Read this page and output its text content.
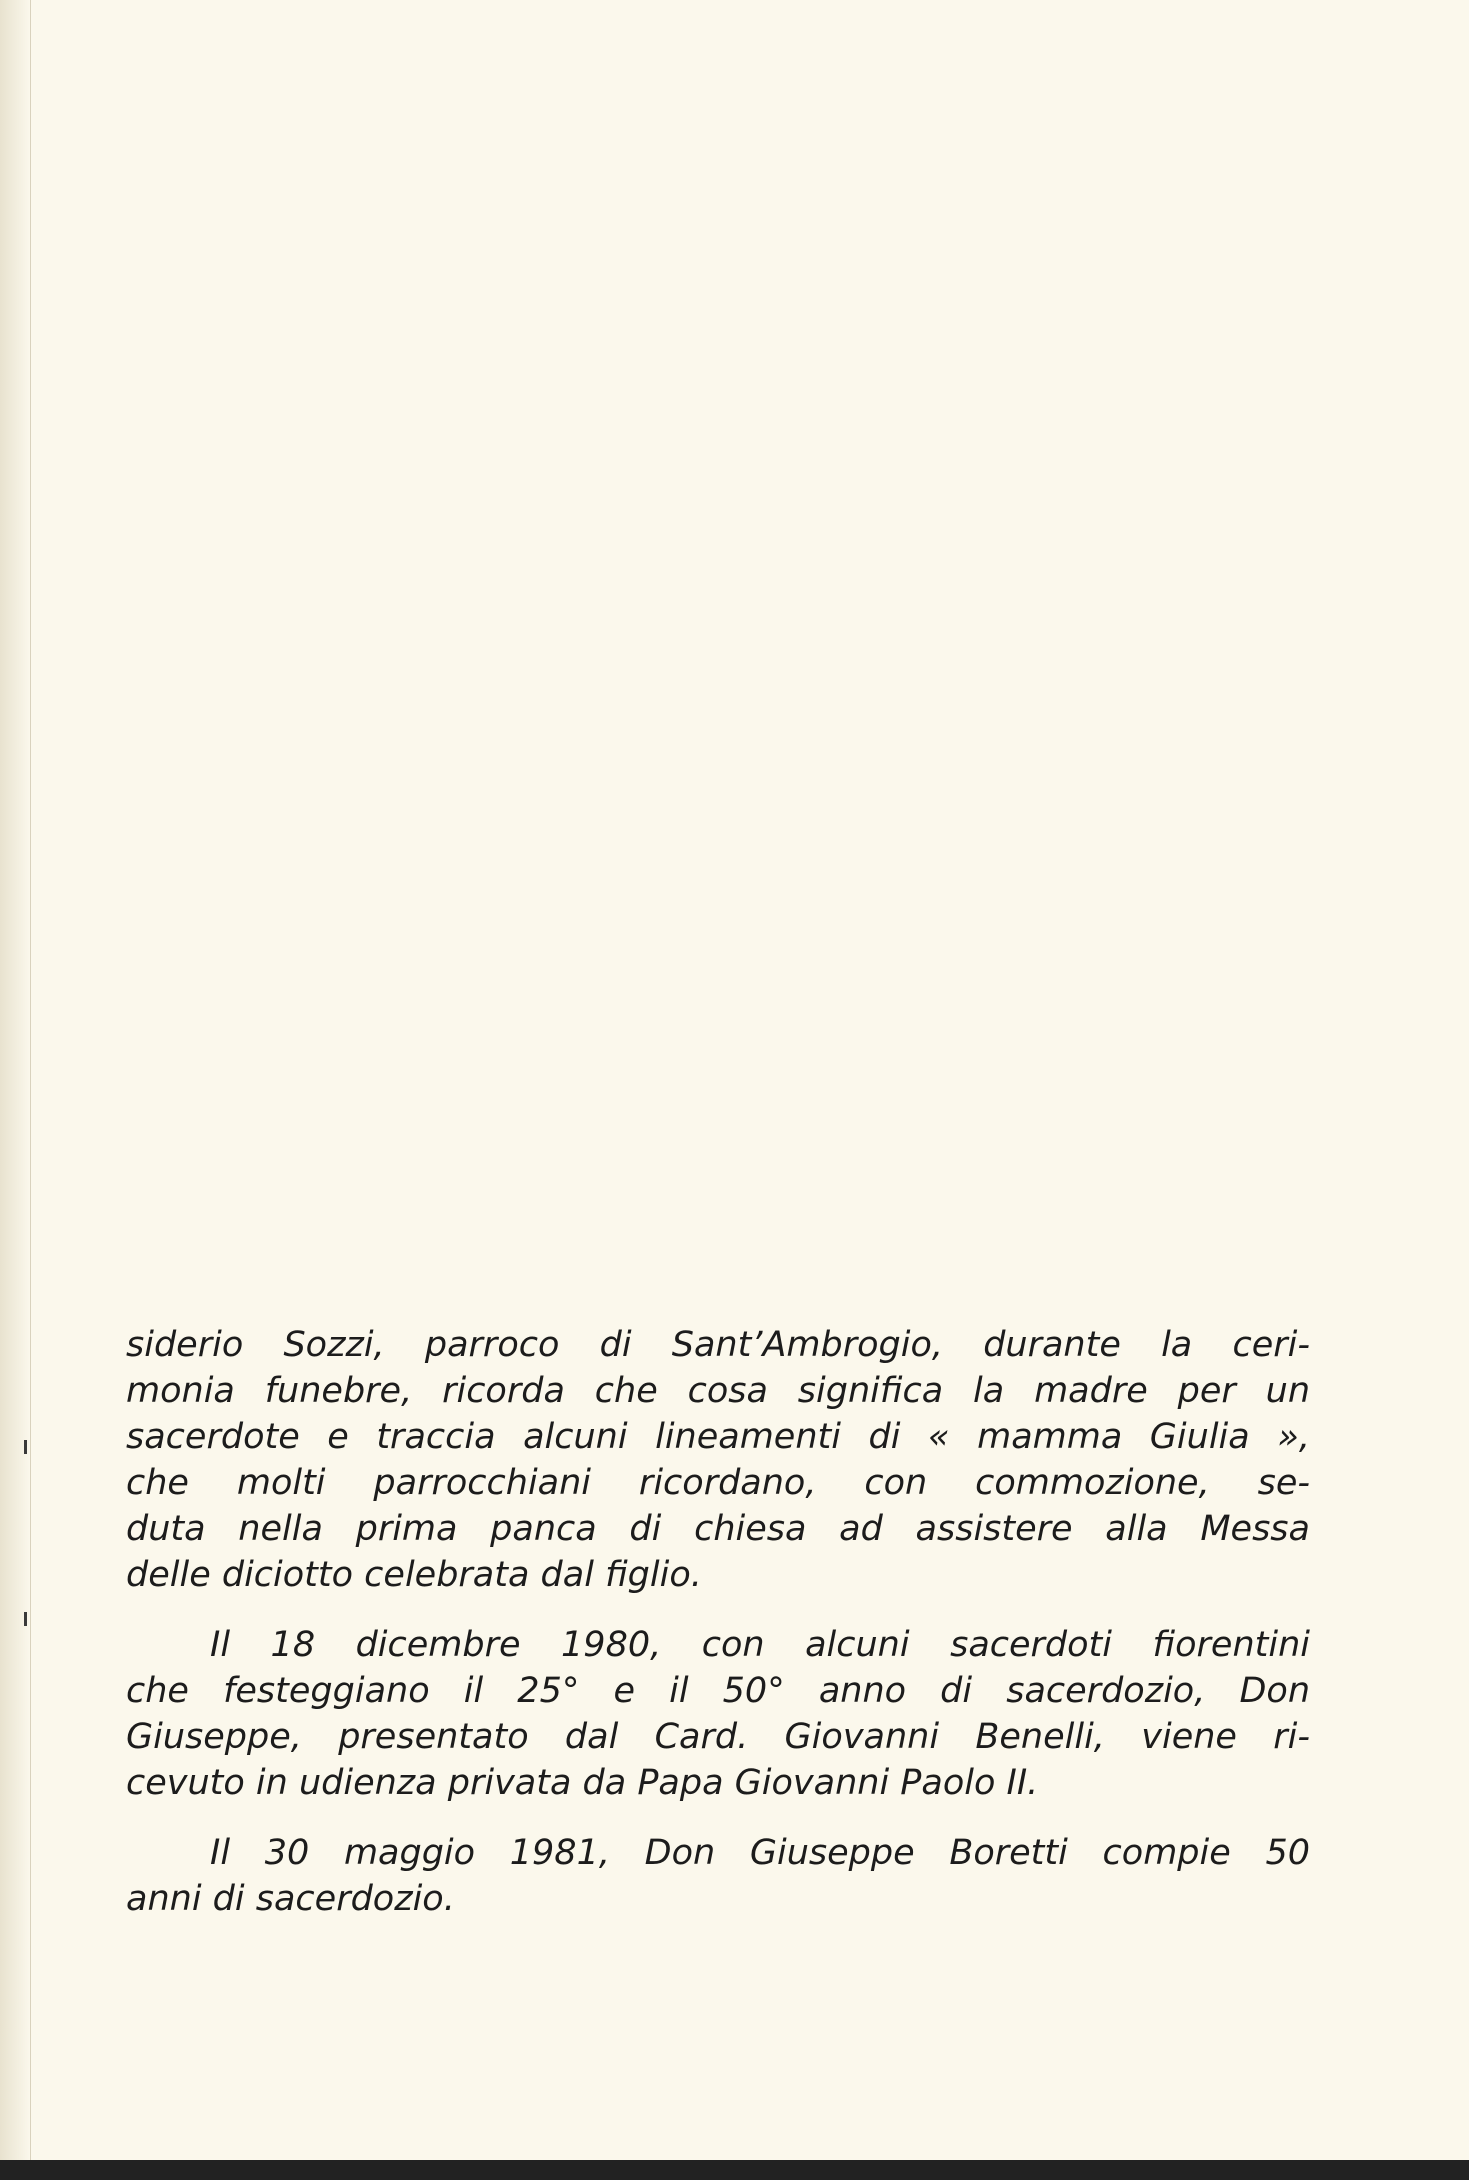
siderio Sozzi, parroco di Sant’Ambrogio, durante la ceri-
monia funebre, ricorda che cosa significa la madre per un
sacerdote e traccia alcuni lineamenti di « mamma Giulia »,
che molti parrocchiani ricordano, con commozione, se-
duta nella prima panca di chiesa ad assistere alla Messa
delle diciotto celebrata dal figlio.
Il 18 dicembre 1980, con alcuni sacerdoti fiorentini
che festeggiano il 25° e il 50° anno di sacerdozio, Don
Giuseppe, presentato dal Card. Giovanni Benelli, viene ri-
cevuto in udienza privata da Papa Giovanni Paolo II.
Il 30 maggio 1981, Don Giuseppe Boretti compie 50
anni di sacerdozio.
